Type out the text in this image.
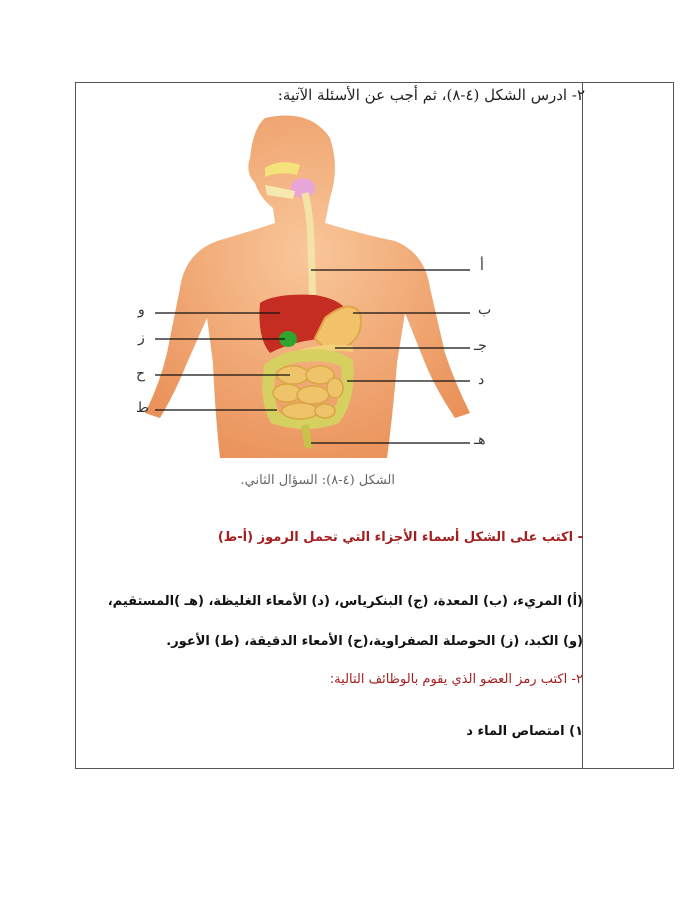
٢- ادرس الشكل (٤-٨)، ثم أجب عن الأسئلة الآتية:
أ
ب
جـ
د
هـ
و
ز
ح
ط
الشكل (٤-٨): السؤال الثاني.
- اكتب على الشكل أسماء الأجزاء التي تحمل الرموز (أ-ط)
(أ) المريء، (ب) المعدة، (ج) البنكرياس، (د) الأمعاء الغليظة، (هـ )المستقيم، (و) الكبد، (ز) الحوصلة الصفراوية،(ح) الأمعاء الدقيقة، (ط) الأعور.
٢- اكتب رمز العضو الذي يقوم بالوظائف التالية:
١) امتصاص الماء د
